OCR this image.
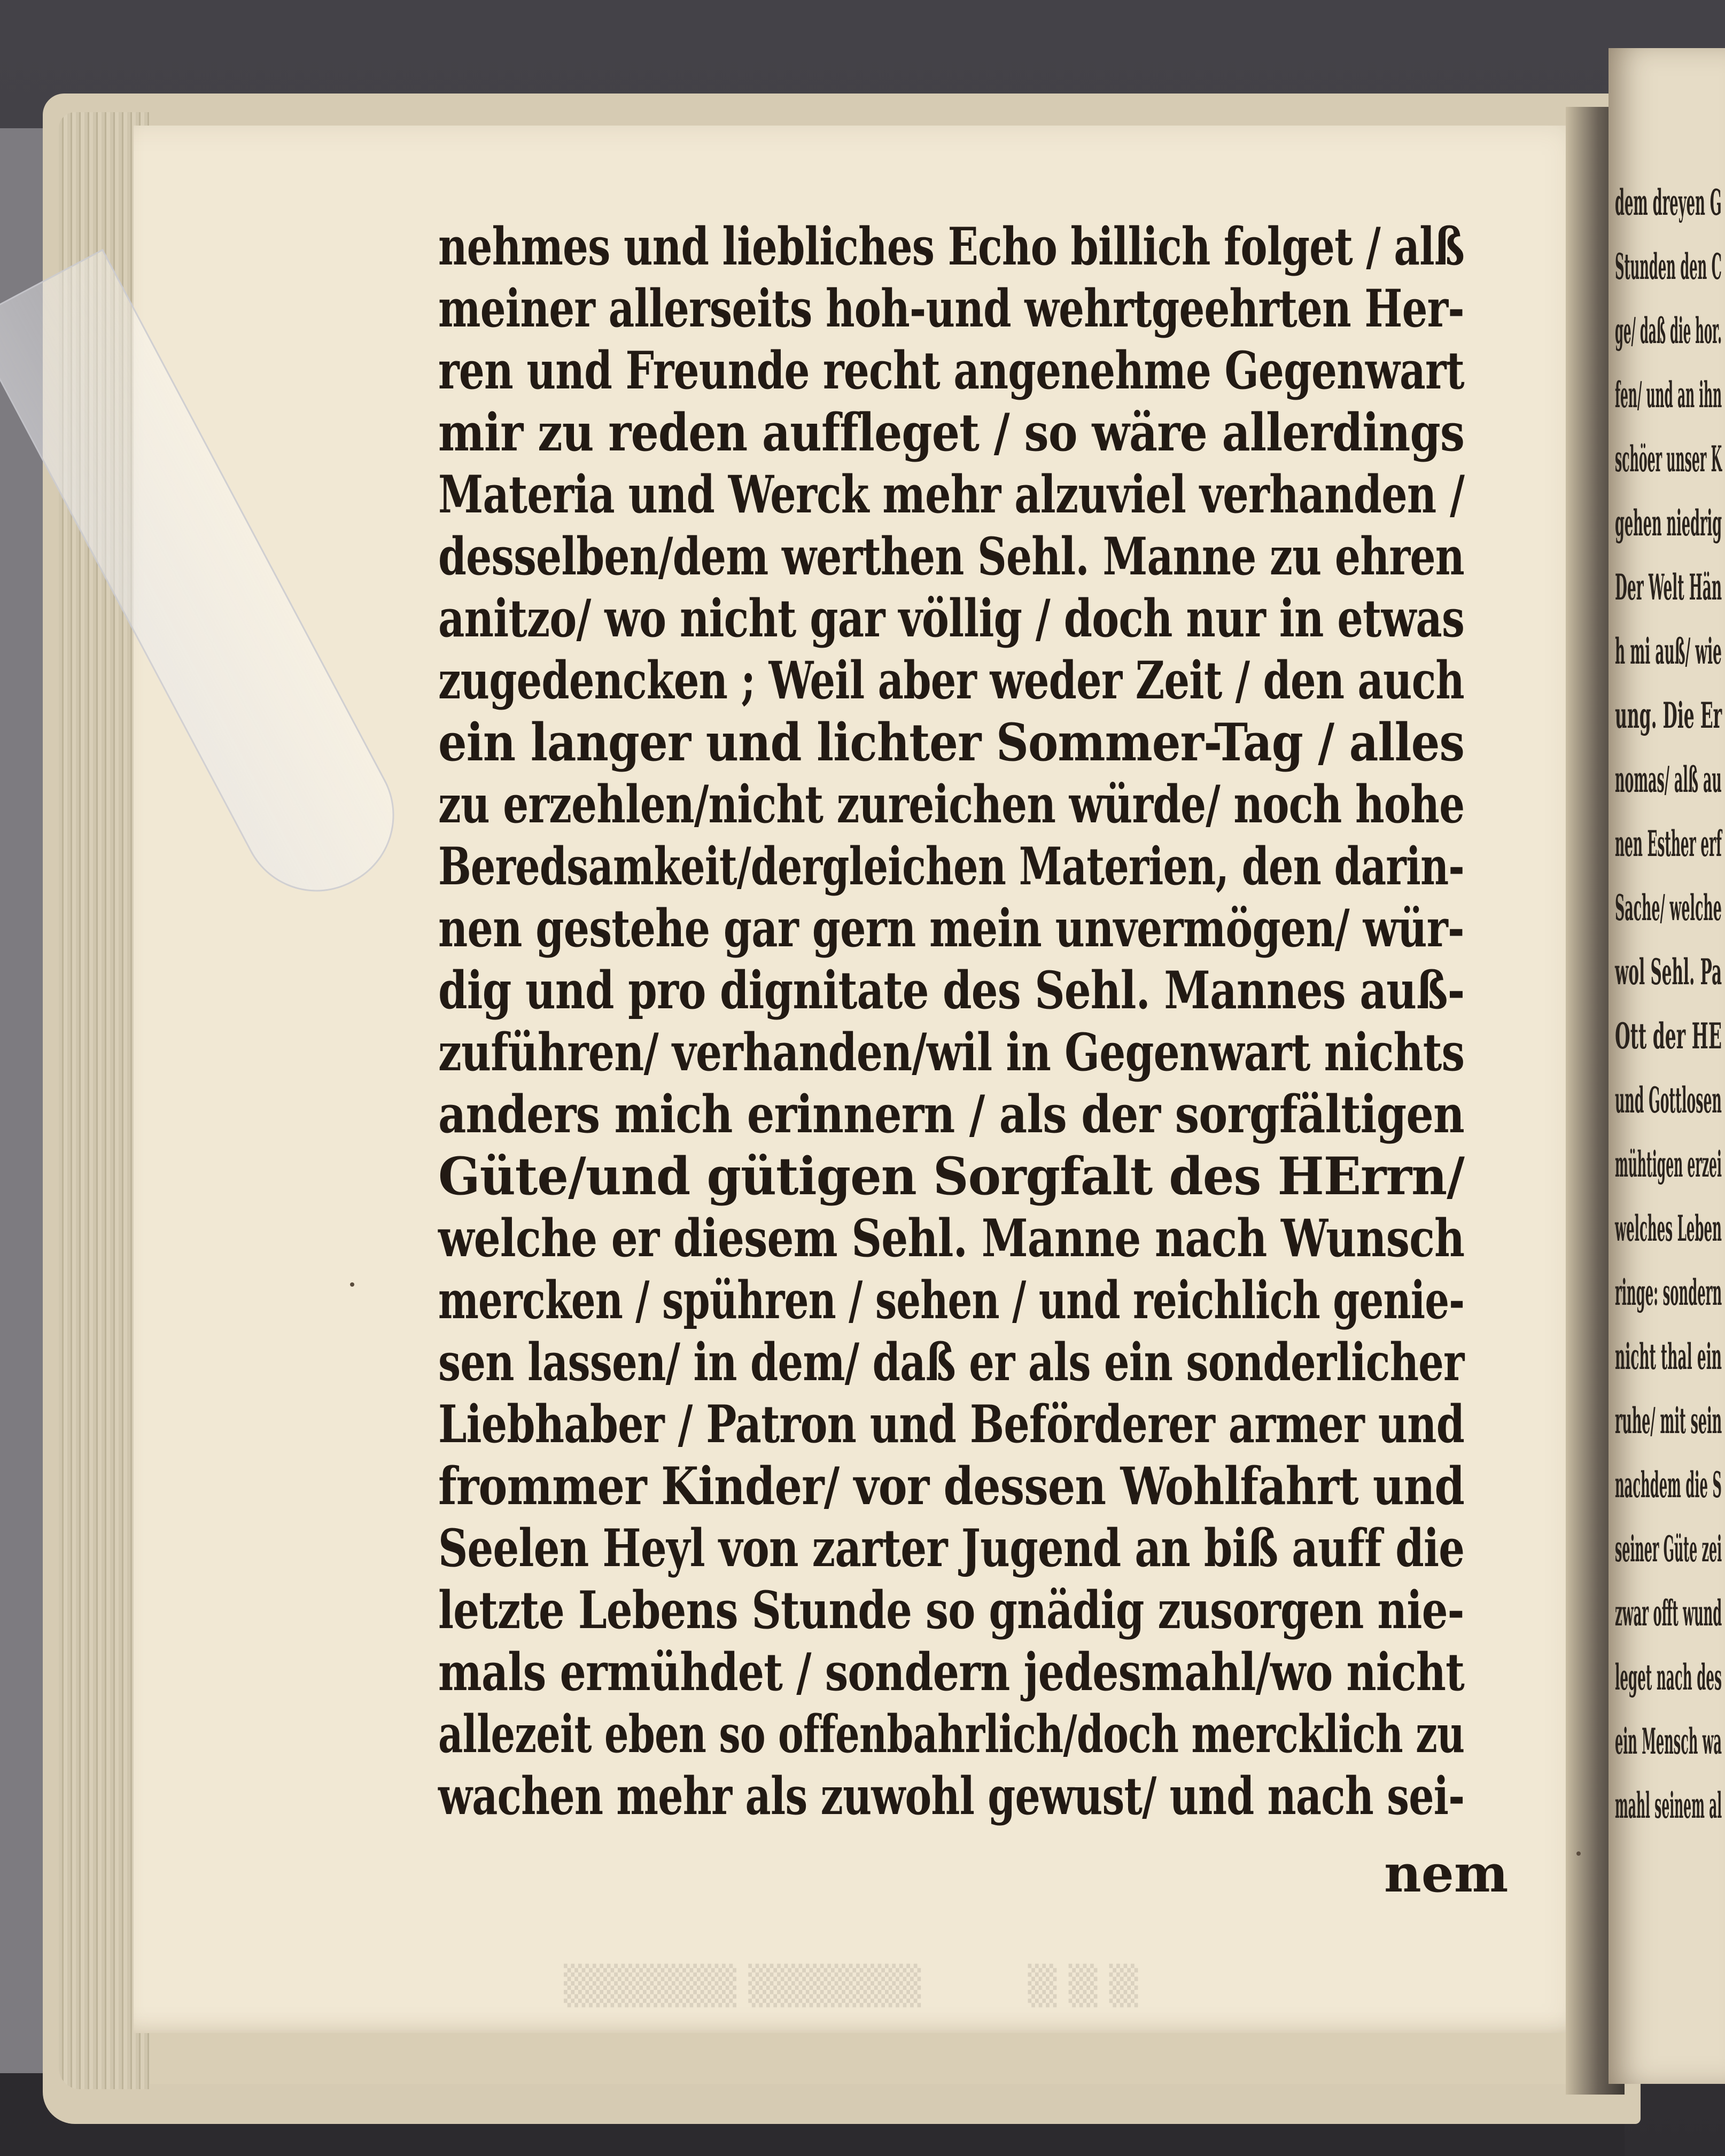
▒▒▒▒▒▒ ▒▒▒▒▒▒         ▒ ▒ ▒
dem dreyen G
Stunden den C
ge/ daß die hor.
fen/ und an ihn
schöer unser K
gehen niedrig
Der Welt Hän
h mi auß/ wie
ung. Die Er
nomas/ alß au
nen Esther erf
Sache/ welche
wol Sehl. Pa
Ott der HE
und Gottlosen
mühtigen erzei
welches Leben
ringe: sondern
nicht thal ein
ruhe/ mit sein
nachdem die S
seiner Güte zei
zwar offt wund
leget nach des
ein Mensch wa
mahl seinem al
nehmes und liebliches Echo billich folget / alß
meiner allerseits hoh-und wehrtgeehrten Her-
ren und Freunde recht angenehme Gegenwart
mir zu reden auffleget / so wäre allerdings
Materia und Werck mehr alzuviel verhanden /
desselben/dem werthen Sehl. Manne zu ehren
anitzo/ wo nicht gar völlig / doch nur in etwas
zugedencken ; Weil aber weder Zeit / den auch
ein langer und lichter Sommer-Tag / alles
zu erzehlen/nicht zureichen würde/ noch hohe
Beredsamkeit/dergleichen Materien, den darin-
nen gestehe gar gern mein unvermögen/ wür-
dig und pro dignitate des Sehl. Mannes auß-
zuführen/ verhanden/wil in Gegenwart nichts
anders mich erinnern / als der sorgfältigen
Güte/und gütigen Sorgfalt des HErrn/
welche er diesem Sehl. Manne nach Wunsch
mercken / spühren / sehen / und reichlich genie-
sen lassen/ in dem/ daß er als ein sonderlicher
Liebhaber / Patron und Beförderer armer und
frommer Kinder/ vor dessen Wohlfahrt und
Seelen Heyl von zarter Jugend an biß auff die
letzte Lebens Stunde so gnädig zusorgen nie-
mals ermühdet / sondern jedesmahl/wo nicht
allezeit eben so offenbahrlich/doch mercklich zu
wachen mehr als zuwohl gewust/ und nach sei-
nem
